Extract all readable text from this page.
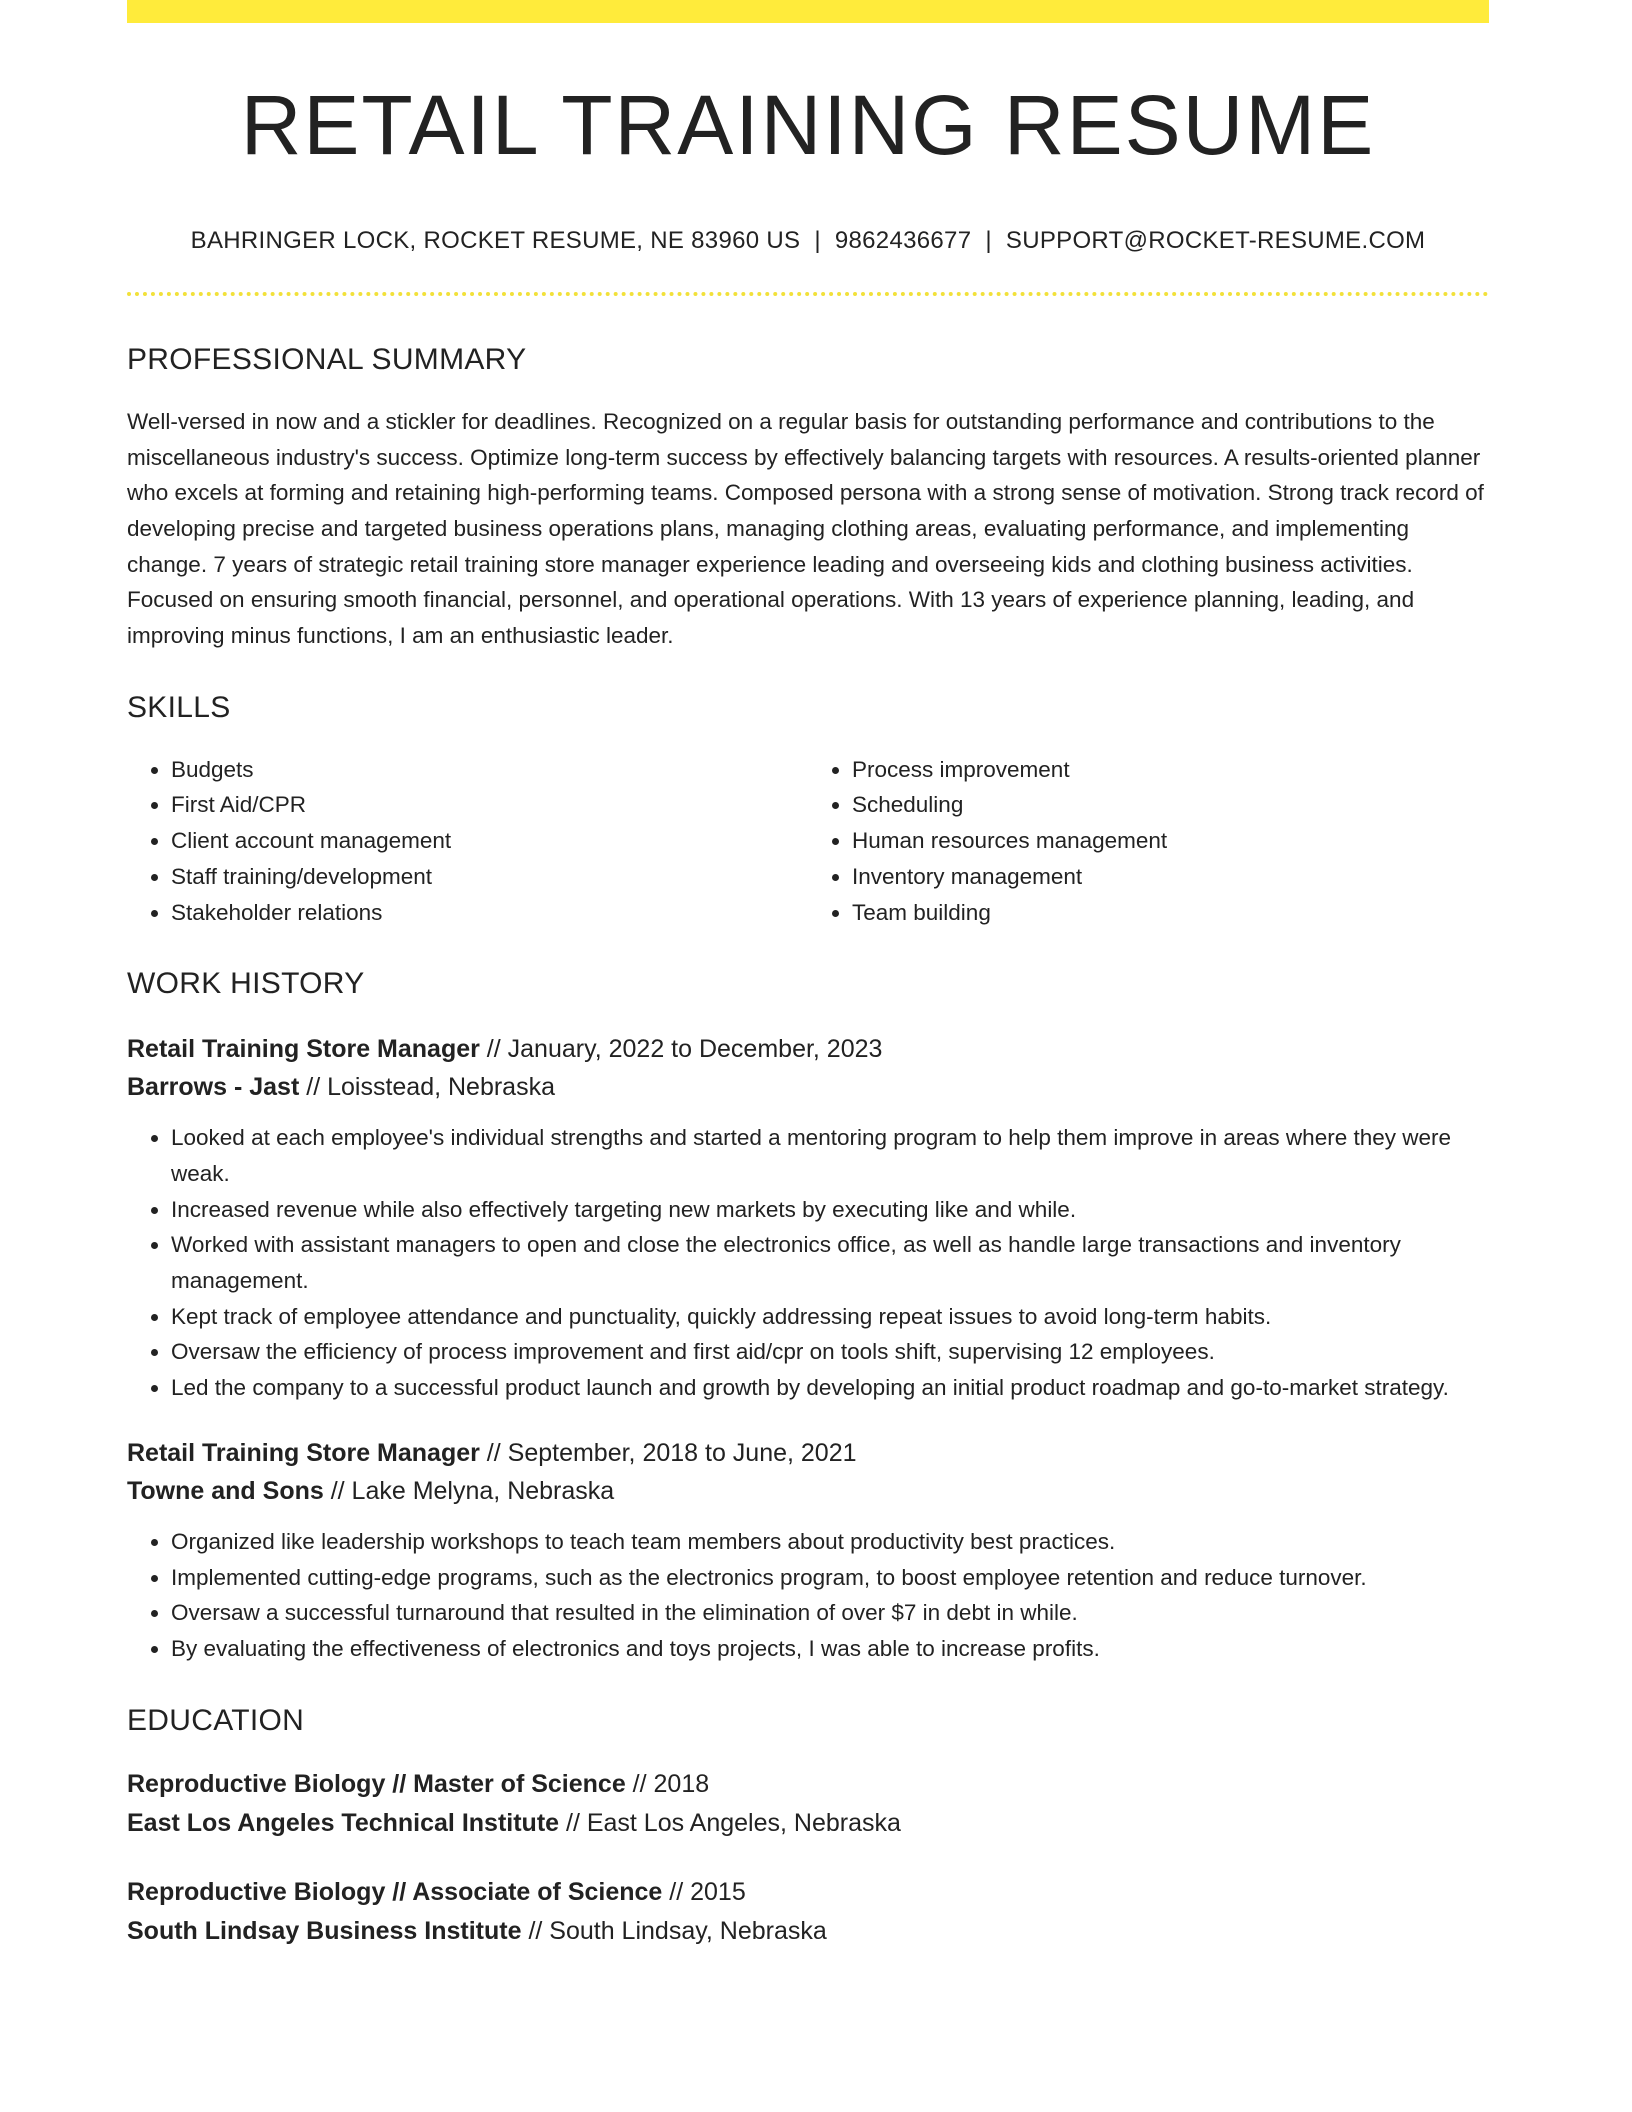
RETAIL TRAINING RESUME
BAHRINGER LOCK, ROCKET RESUME, NE 83960 US | 9862436677 | SUPPORT@ROCKET-RESUME.COM
PROFESSIONAL SUMMARY

Well-versed in now and a stickler for deadlines. Recognized on a regular basis for outstanding performance and contributions to the miscellaneous industry's success. Optimize long-term success by effectively balancing targets with resources. A results-oriented planner who excels at forming and retaining high-performing teams. Composed persona with a strong sense of motivation. Strong track record of developing precise and targeted business operations plans, managing clothing areas, evaluating performance, and implementing change. 7 years of strategic retail training store manager experience leading and overseeing kids and clothing business activities. Focused on ensuring smooth financial, personnel, and operational operations. With 13 years of experience planning, leading, and improving minus functions, I am an enthusiastic leader.

SKILLS
• Budgets
• First Aid/CPR
• Client account management
• Staff training/development
• Stakeholder relations
• Process improvement
• Scheduling
• Human resources management
• Inventory management
• Team building
WORK HISTORY
Retail Training Store Manager // January, 2022 to December, 2023
Barrows - Jast // Loisstead, Nebraska
• Looked at each employee's individual strengths and started a mentoring program to help them improve in areas where they were weak.
• Increased revenue while also effectively targeting new markets by executing like and while.
• Worked with assistant managers to open and close the electronics office, as well as handle large transactions and inventory management.
• Kept track of employee attendance and punctuality, quickly addressing repeat issues to avoid long-term habits.
• Oversaw the efficiency of process improvement and first aid/cpr on tools shift, supervising 12 employees.
• Led the company to a successful product launch and growth by developing an initial product roadmap and go-to-market strategy.
Retail Training Store Manager // September, 2018 to June, 2021
Towne and Sons // Lake Melyna, Nebraska
• Organized like leadership workshops to teach team members about productivity best practices.
• Implemented cutting-edge programs, such as the electronics program, to boost employee retention and reduce turnover.
• Oversaw a successful turnaround that resulted in the elimination of over $7 in debt in while.
• By evaluating the effectiveness of electronics and toys projects, I was able to increase profits.
EDUCATION
Reproductive Biology // Master of Science // 2018
East Los Angeles Technical Institute // East Los Angeles, Nebraska
Reproductive Biology // Associate of Science // 2015
South Lindsay Business Institute // South Lindsay, Nebraska
